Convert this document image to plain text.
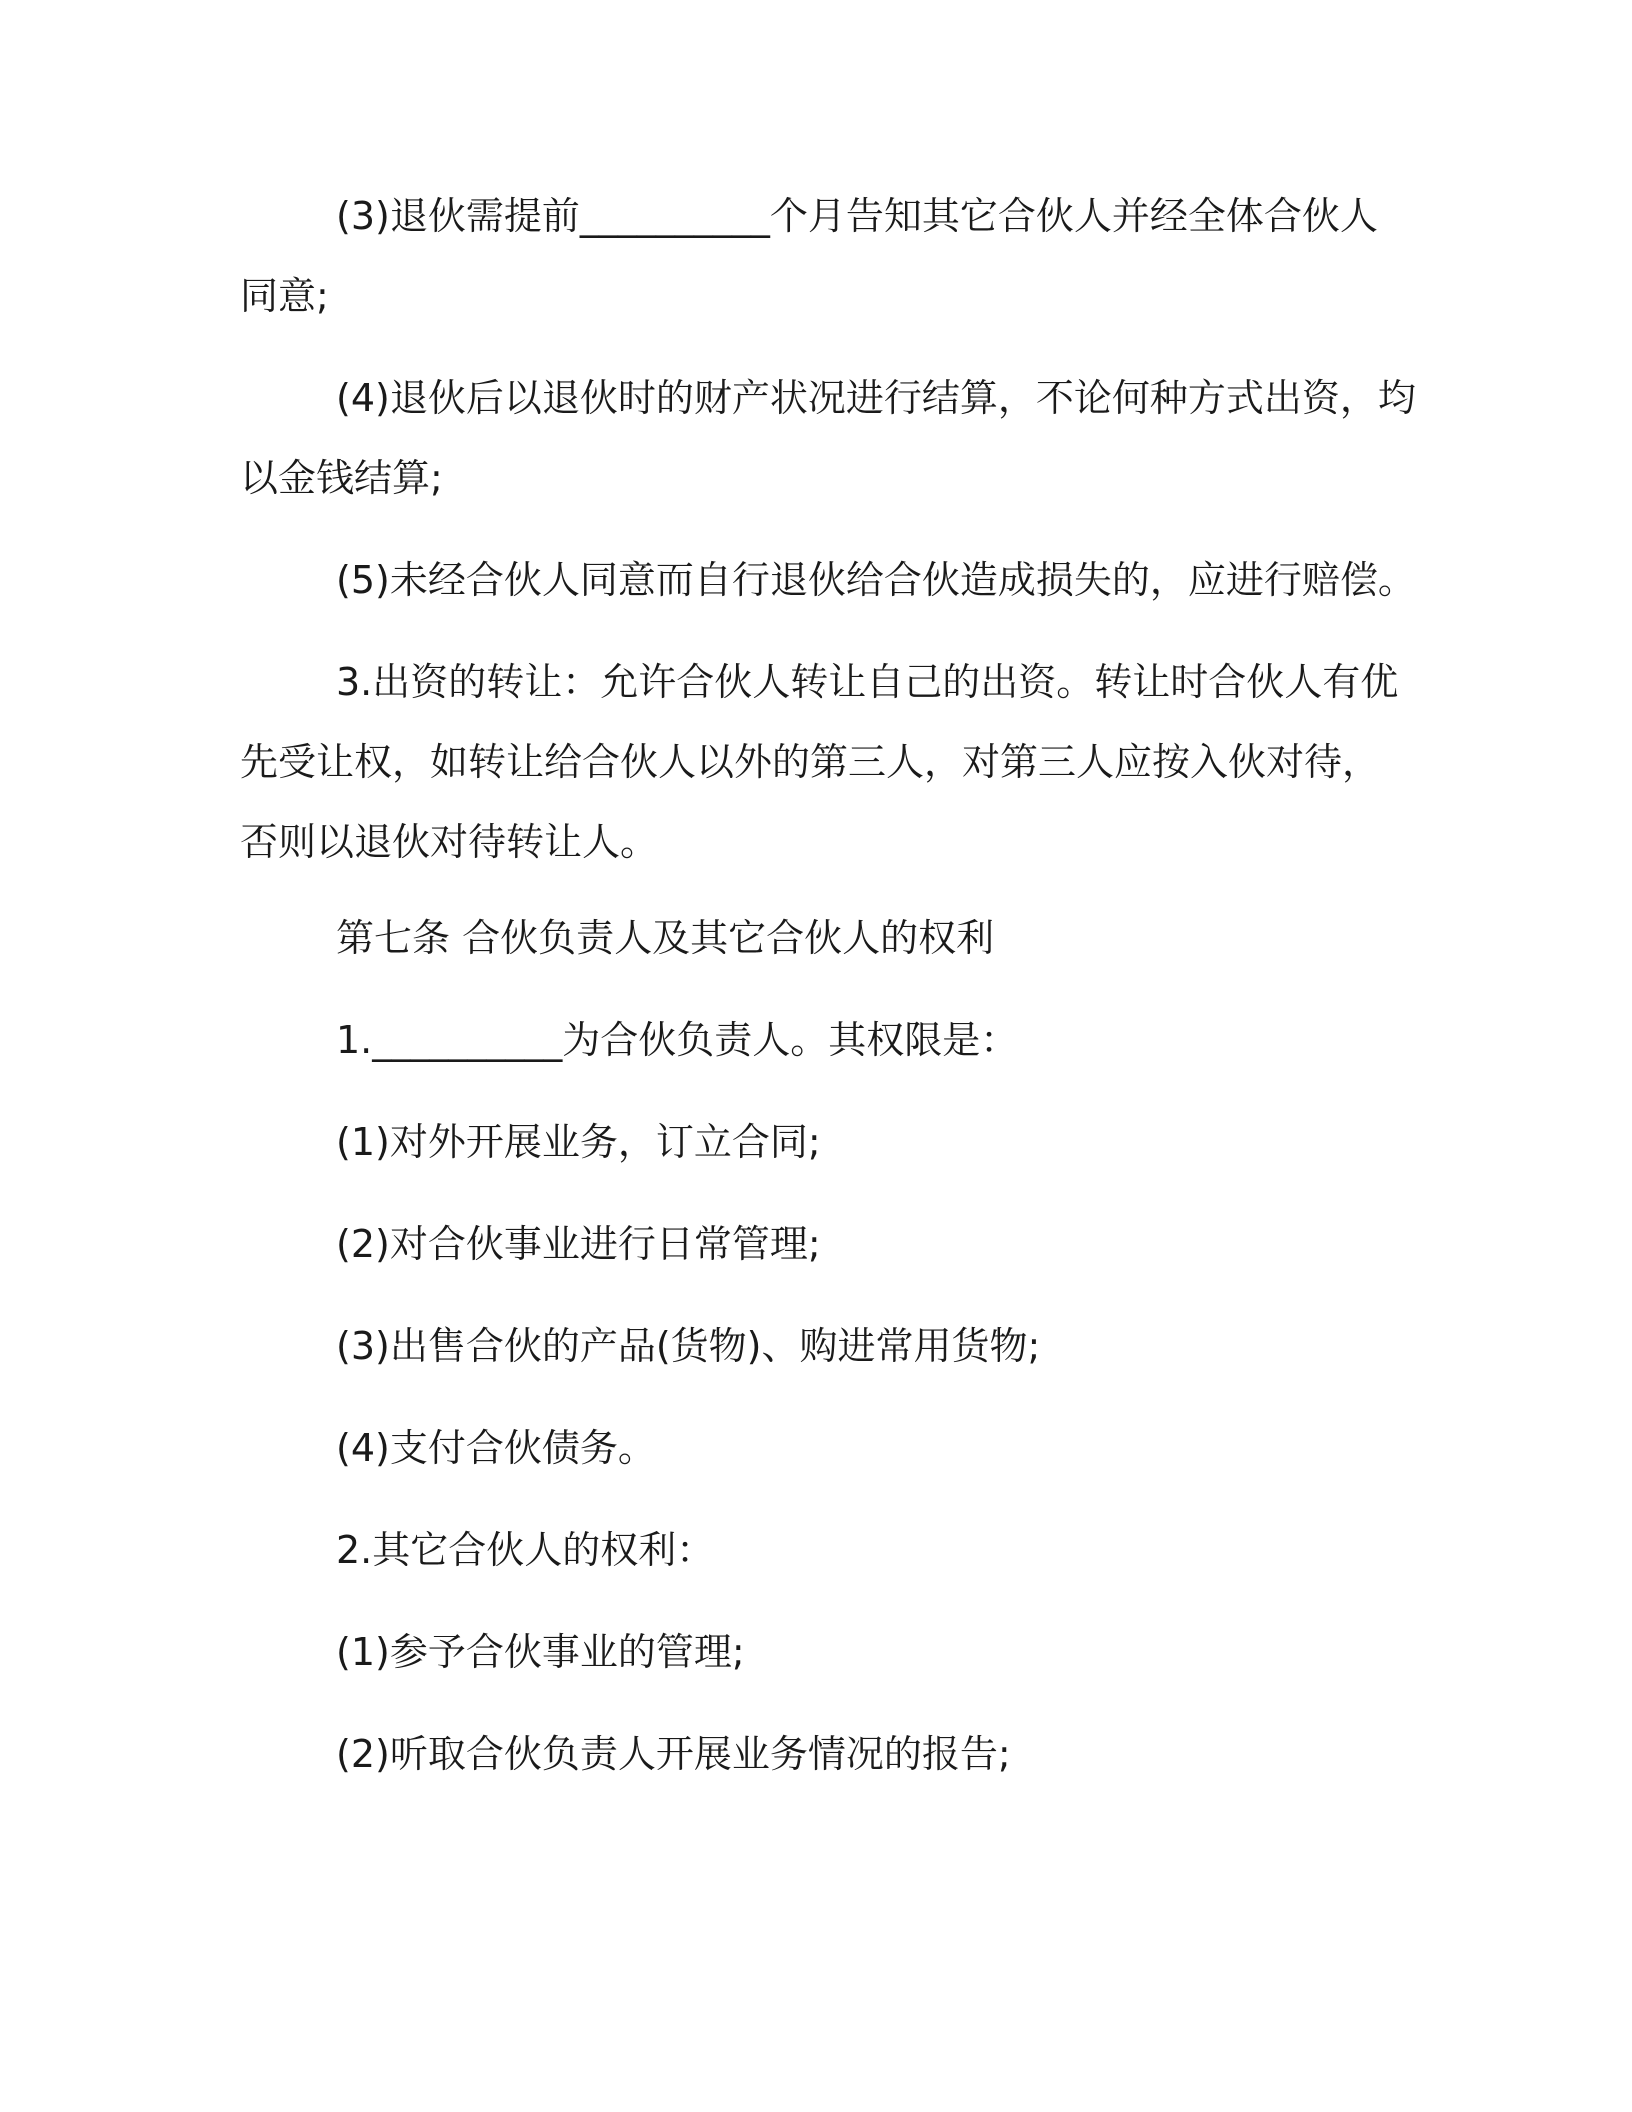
(3)退伙需提前__________个月告知其它合伙人并经全体合伙人
同意;
(4)退伙后以退伙时的财产状况进行结算，不论何种方式出资，均
以金钱结算;
(5)未经合伙人同意而自行退伙给合伙造成损失的，应进行赔偿。
3.出资的转让：允许合伙人转让自己的出资。转让时合伙人有优
先受让权，如转让给合伙人以外的第三人，对第三人应按入伙对待，
否则以退伙对待转让人。
第七条 合伙负责人及其它合伙人的权利
1.__________为合伙负责人。其权限是：
(1)对外开展业务，订立合同;
(2)对合伙事业进行日常管理;
(3)出售合伙的产品(货物)、购进常用货物;
(4)支付合伙债务。
2.其它合伙人的权利：
(1)参予合伙事业的管理;
(2)听取合伙负责人开展业务情况的报告;
